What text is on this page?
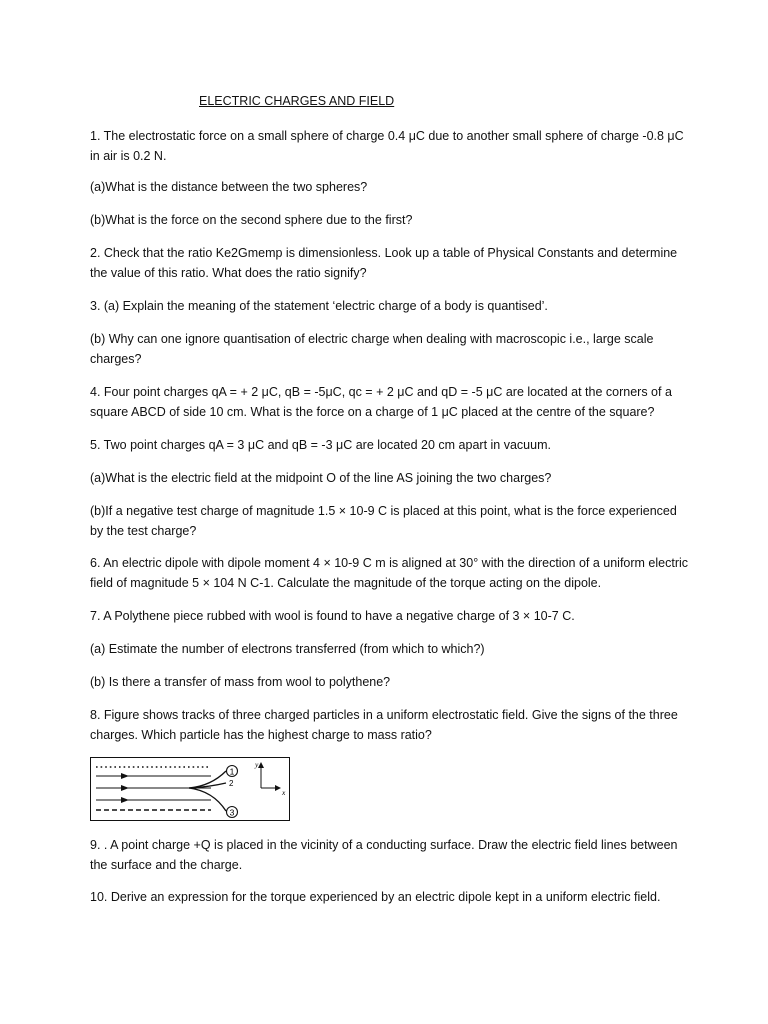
ELECTRIC CHARGES AND FIELD

1. The electrostatic force on a small sphere of charge 0.4 μC due to another small sphere of charge -0.8 μC in air is 0.2 N.

(a)What is the distance between the two spheres?

(b)What is the force on the second sphere due to the first?

2. Check that the ratio Ke2Gmemp is dimensionless. Look up a table of Physical Constants and determine the value of this ratio. What does the ratio signify?

3. (a) Explain the meaning of the statement ‘electric charge of a body is quantised’.

(b) Why can one ignore quantisation of electric charge when dealing with macroscopic i.e., large scale charges?

4. Four point charges qA = + 2 μC, qB = -5μC, qc = + 2 μC and qD = -5 μC are located at the corners of a square ABCD of side 10 cm. What is the force on a charge of 1 μC placed at the centre of the square?

5. Two point charges qA = 3 μC and qB = -3 μC are located 20 cm apart in vacuum.

(a)What is the electric field at the midpoint O of the line AS joining the two charges?

(b)If a negative test charge of magnitude 1.5 × 10-9 C is placed at this point, what is the force experienced by the test charge?

6. An electric dipole with dipole moment 4 × 10-9 C m is aligned at 30° with the direction of a uniform electric field of magnitude 5 × 104 N C-1. Calculate the magnitude of the torque acting on the dipole.

7. A Polythene piece rubbed with wool is found to have a negative charge of 3 × 10-7 C.

(a) Estimate the number of electrons transferred (from which to which?)

(b) Is there a transfer of mass from wool to polythene?

8. Figure shows tracks of three charged particles in a uniform electrostatic field. Give the signs of the three charges. Which particle has the highest charge to mass ratio?

1
3
2
y
x

9. . A point charge +Q is placed in the vicinity of a conducting surface. Draw the electric field lines between the surface and the charge.

10. Derive an expression for the torque experienced by an electric dipole kept in a uniform electric field.
